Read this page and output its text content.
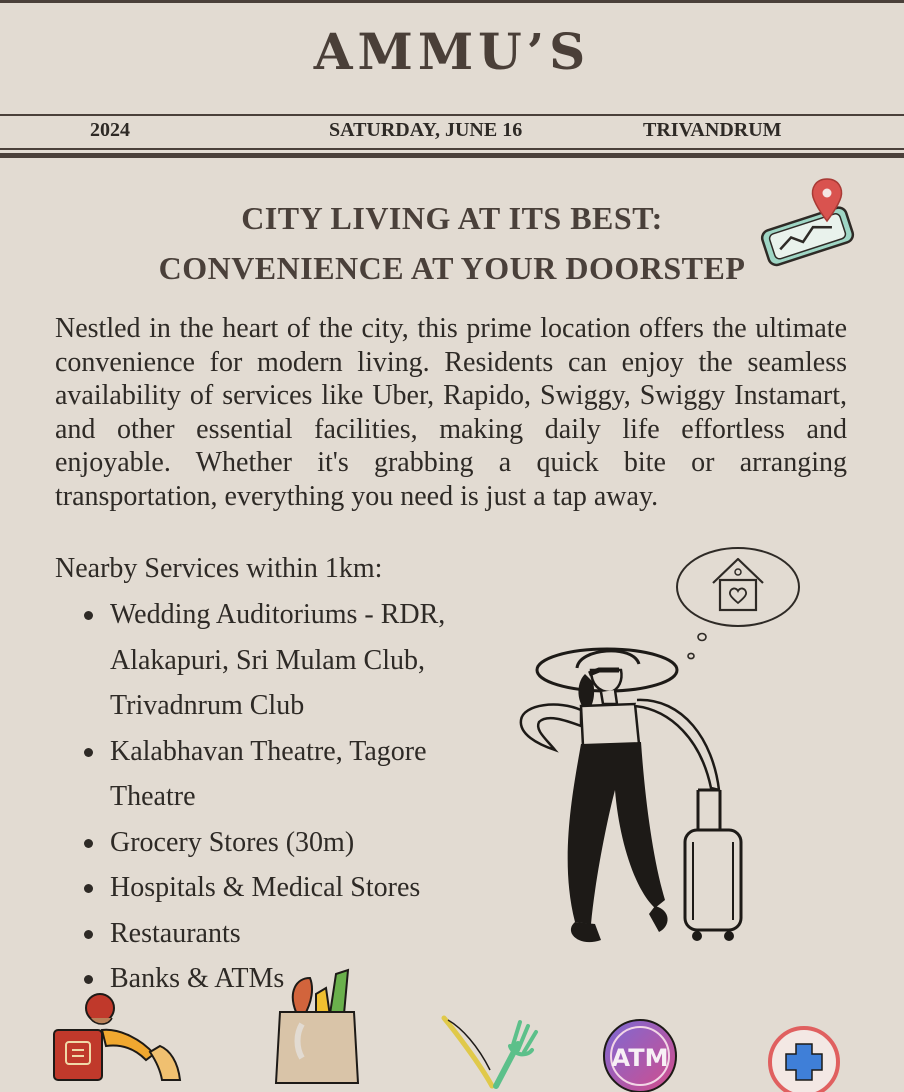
AMMU’S
2024	SATURDAY, JUNE 16	TRIVANDRUM
CITY LIVING AT ITS BEST:
CONVENIENCE AT YOUR DOORSTEP
Nestled in the heart of the city, this prime location offers the ultimate convenience for modern living. Residents can enjoy the seamless availability of services like Uber, Rapido, Swiggy, Swiggy Instamart, and other essential facilities, making daily life effortless and enjoyable. Whether it's grabbing a quick bite or arranging transportation, everything you need is just a tap away.
Nearby Services within 1km:
Wedding Auditoriums - RDR, Alakapuri, Sri Mulam Club, Trivadnrum Club
Kalabhavan Theatre, Tagore Theatre
Grocery Stores (30m)
Hospitals & Medical Stores
Restaurants
Banks & ATMs
ATM
